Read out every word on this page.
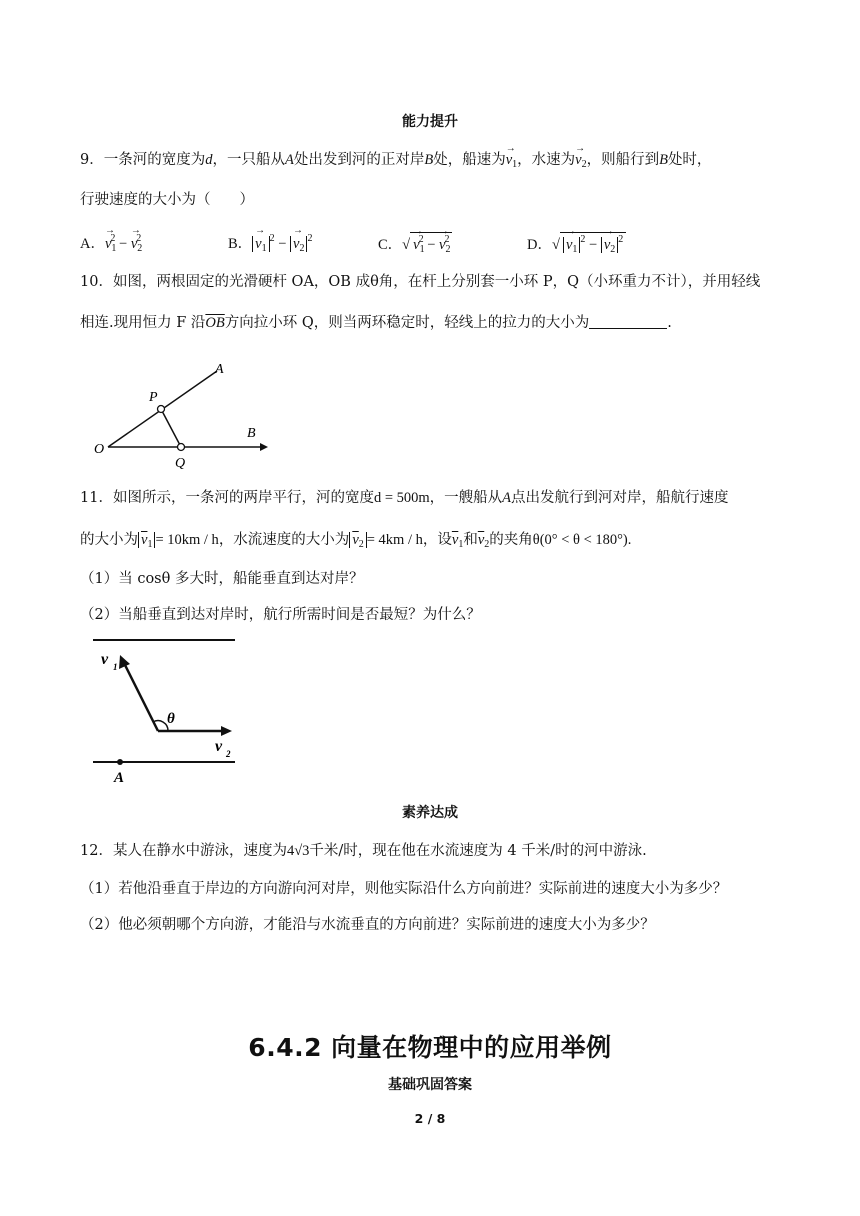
能力提升
9．一条河的宽度为d，一只船从A处出发到河的正对岸B处，船速为→ $v_1$，水速为→ $v_2$，则船行到B处时，
行驶速度的大小为（　　）
A．→ $v_1^2$ − → $v_2^2$	B． → $v_1^2$ − → $v_2^2$	C．√ → $v_1^2$ − → $v_2^2$	D．√ → $v_1^2$ − → $v_2^2$
10．如图，两根固定的光滑硬杆 OA，OB 成θ角，在杆上分别套一小环 P，Q（小环重力不计），并用轻线
相连.现用恒力 F 沿$\overline{OB}$方向拉小环 Q，则当两环稳定时，轻线上的拉力的大小为	.
A
B
P
O
Q
11．如图所示，一条河的两岸平行，河的宽度d = 500m，一艘船从A点出发航行到河对岸，船航行速度
的大小为 $\overline{v}_1 = 10km / h$，水流速度的大小为 $\overline{v}_2 = 4km / h$，设$\overline{v}_1$和$\overline{v}_2$的夹角θ(0° < θ < 180°).
（1）当 cosθ 多大时，船能垂直到达对岸？
（2）当船垂直到达对岸时，航行所需时间是否最短？为什么？
v 1
θ
v 2
A
素养达成
12．某人在静水中游泳，速度为4√3千米/时，现在他在水流速度为 4 千米/时的河中游泳.
（1）若他沿垂直于岸边的方向游向河对岸，则他实际沿什么方向前进？实际前进的速度大小为多少？
（2）他必须朝哪个方向游，才能沿与水流垂直的方向前进？实际前进的速度大小为多少？
6.4.2 向量在物理中的应用举例
基础巩固答案
2 / 8
